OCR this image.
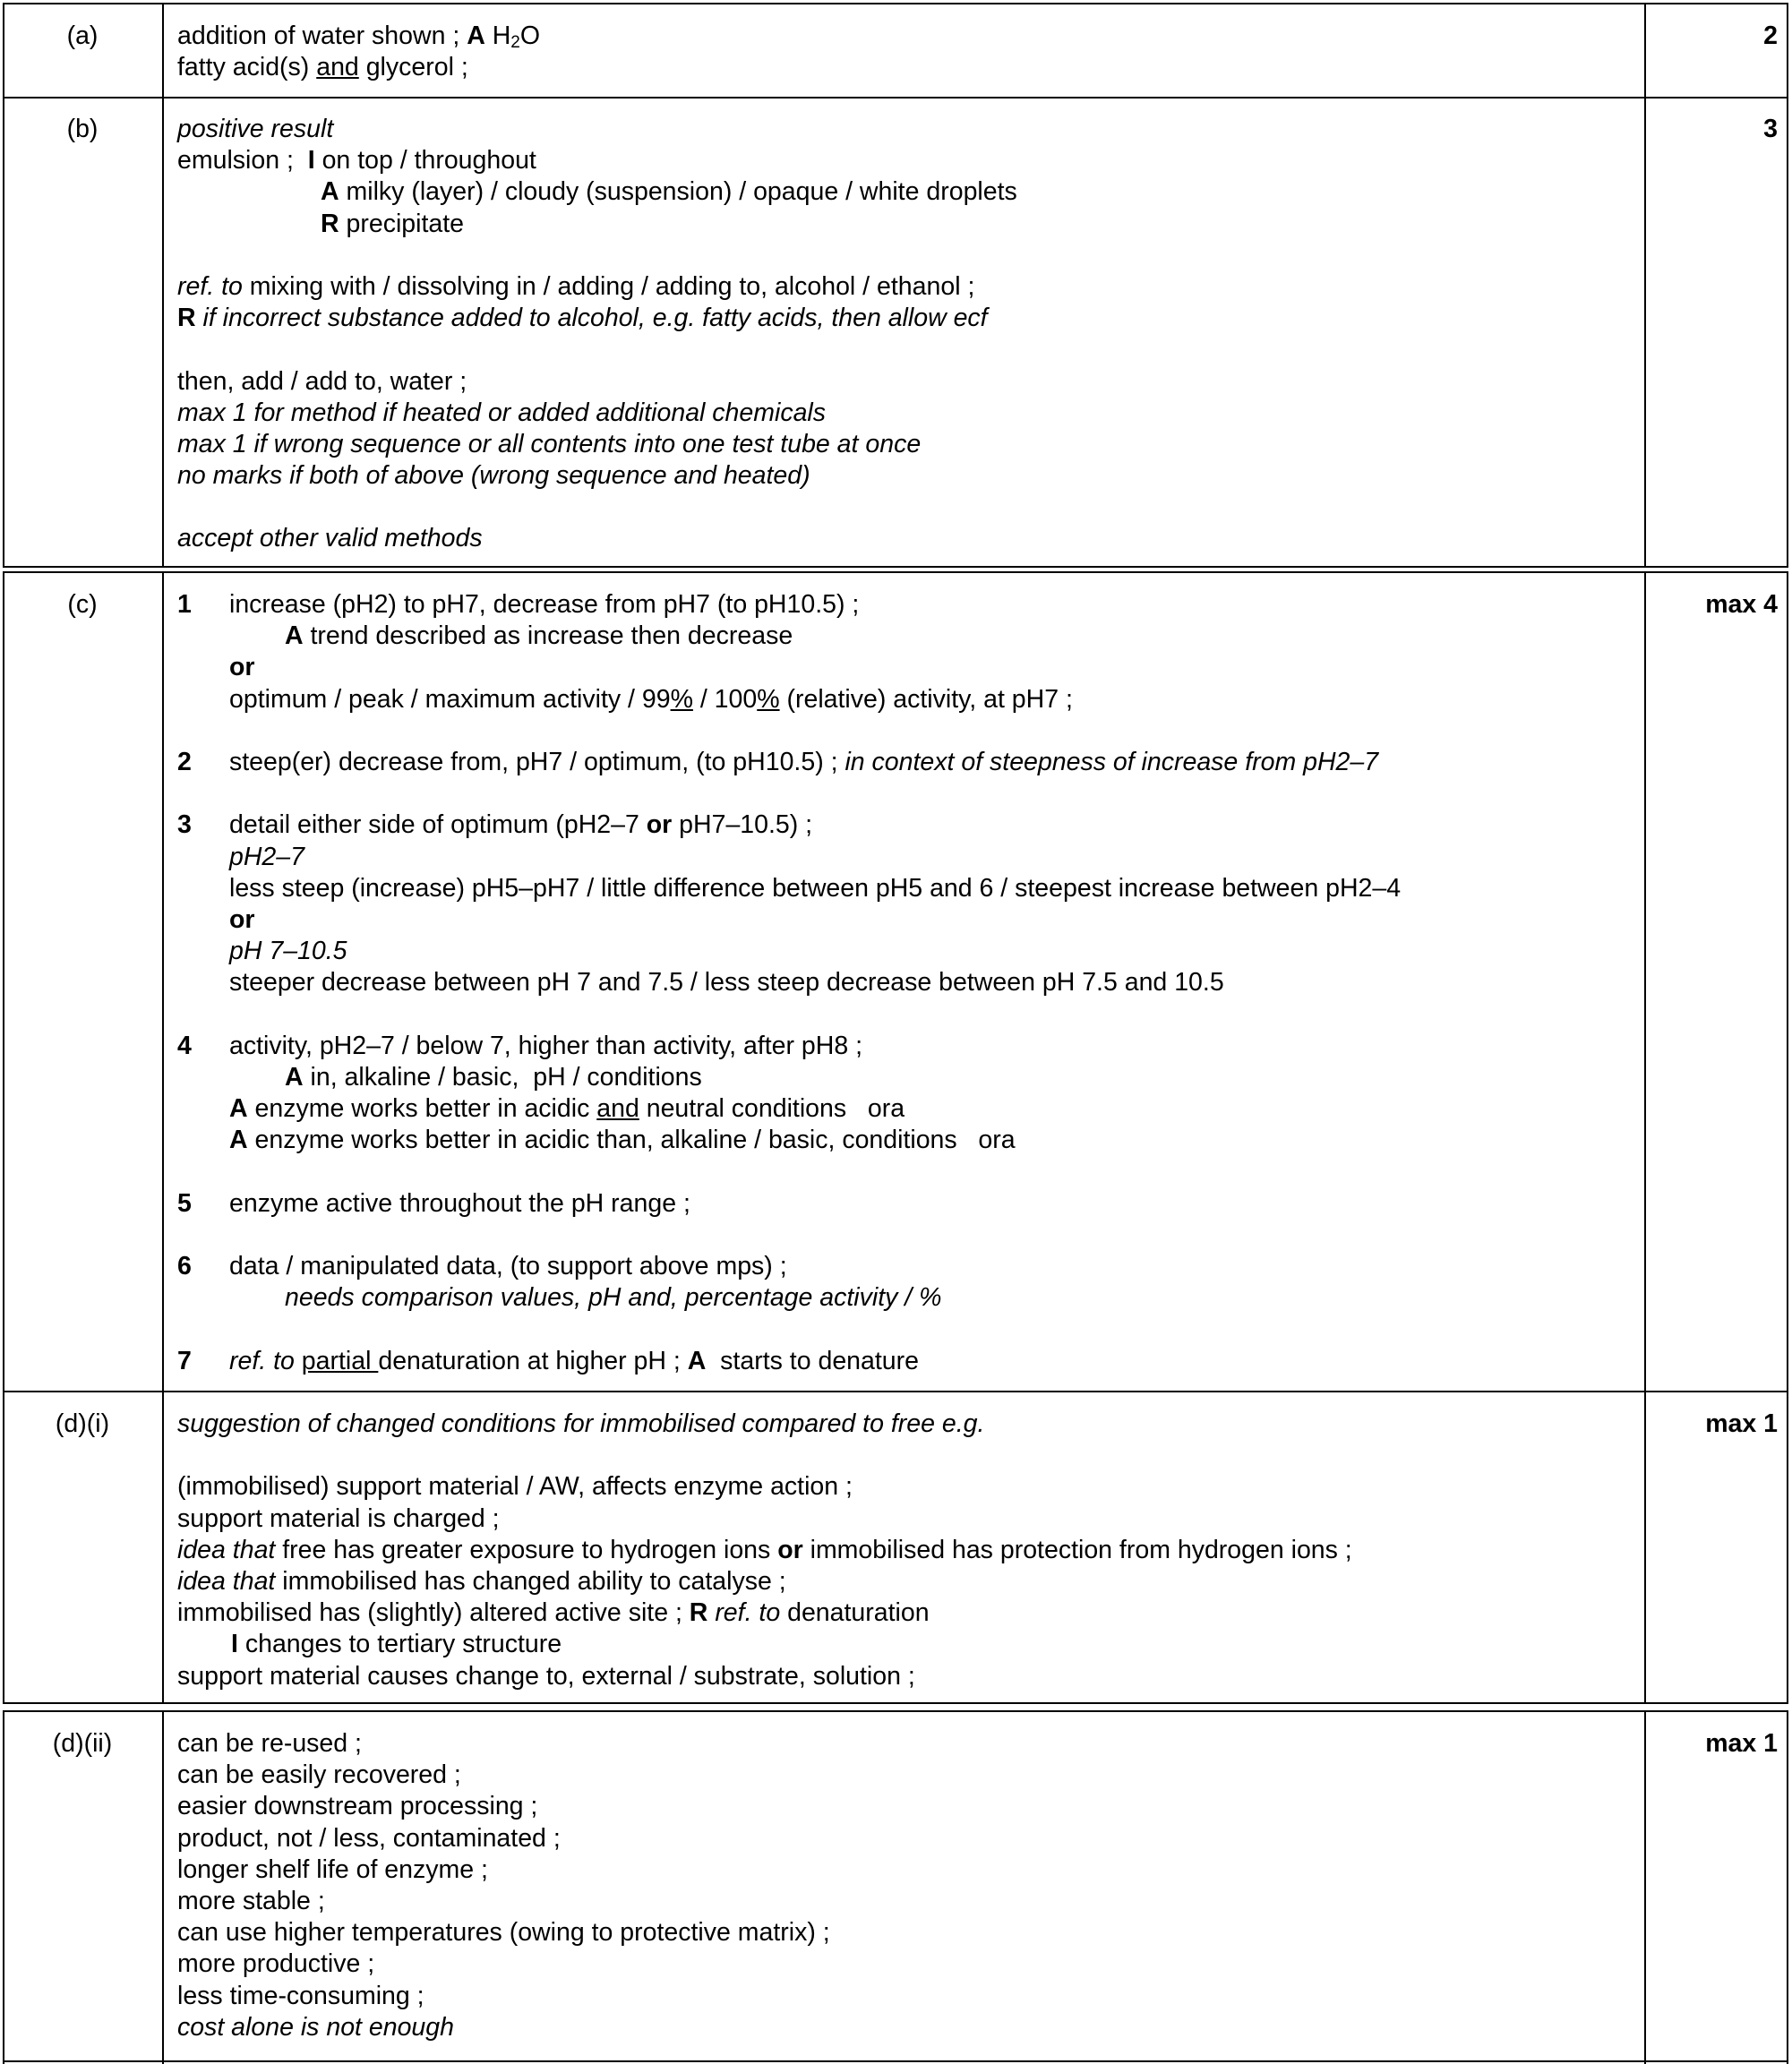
(a)	2
addition of water shown ; A $H_2O$
fatty acid(s) and glycerol ;
(b)	3
positive result
emulsion ;  I on top / throughout
A milky (layer) / cloudy (suspension) / opaque / white droplets
R precipitate
ref. to mixing with / dissolving in / adding / adding to, alcohol / ethanol ;
R if incorrect substance added to alcohol, e.g. fatty acids, then allow ecf
then, add / add to, water ;
max 1 for method if heated or added additional chemicals
max 1 if wrong sequence or all contents into one test tube at once
no marks if both of above (wrong sequence and heated)
accept other valid methods
(c)	max 4
1 increase (pH2) to pH7, decrease from pH7 (to pH10.5) ;
A trend described as increase then decrease
or
optimum / peak / maximum activity / 99% / 100% (relative) activity, at pH7 ;
2 steep(er) decrease from, pH7 / optimum, (to pH10.5) ; in context of steepness of increase from pH2–7
3 detail either side of optimum (pH2–7 or pH7–10.5) ;
pH2–7
less steep (increase) pH5–pH7 / little difference between pH5 and 6 / steepest increase between pH2–4
or
pH 7–10.5
steeper decrease between pH 7 and 7.5 / less steep decrease between pH 7.5 and 10.5
4 activity, pH2–7 / below 7, higher than activity, after pH8 ;
A in, alkaline / basic,  pH / conditions
A enzyme works better in acidic and neutral conditions   ora
A enzyme works better in acidic than, alkaline / basic, conditions   ora
5 enzyme active throughout the pH range ;
6 data / manipulated data, (to support above mps) ;
needs comparison values, pH and, percentage activity / %
7 ref. to partial denaturation at higher pH ; A  starts to denature
(d)(i)	max 1
suggestion of changed conditions for immobilised compared to free e.g.
(immobilised) support material / AW, affects enzyme action ;
support material is charged ;
idea that free has greater exposure to hydrogen ions or immobilised has protection from hydrogen ions ;
idea that immobilised has changed ability to catalyse ;
immobilised has (slightly) altered active site ; R ref. to denaturation
I changes to tertiary structure
support material causes change to, external / substrate, solution ;
(d)(ii)	max 1
can be re-used ;
can be easily recovered ;
easier downstream processing ;
product, not / less, contaminated ;
longer shelf life of enzyme ;
more stable ;
can use higher temperatures (owing to protective matrix) ;
more productive ;
less time-consuming ;
cost alone is not enough
